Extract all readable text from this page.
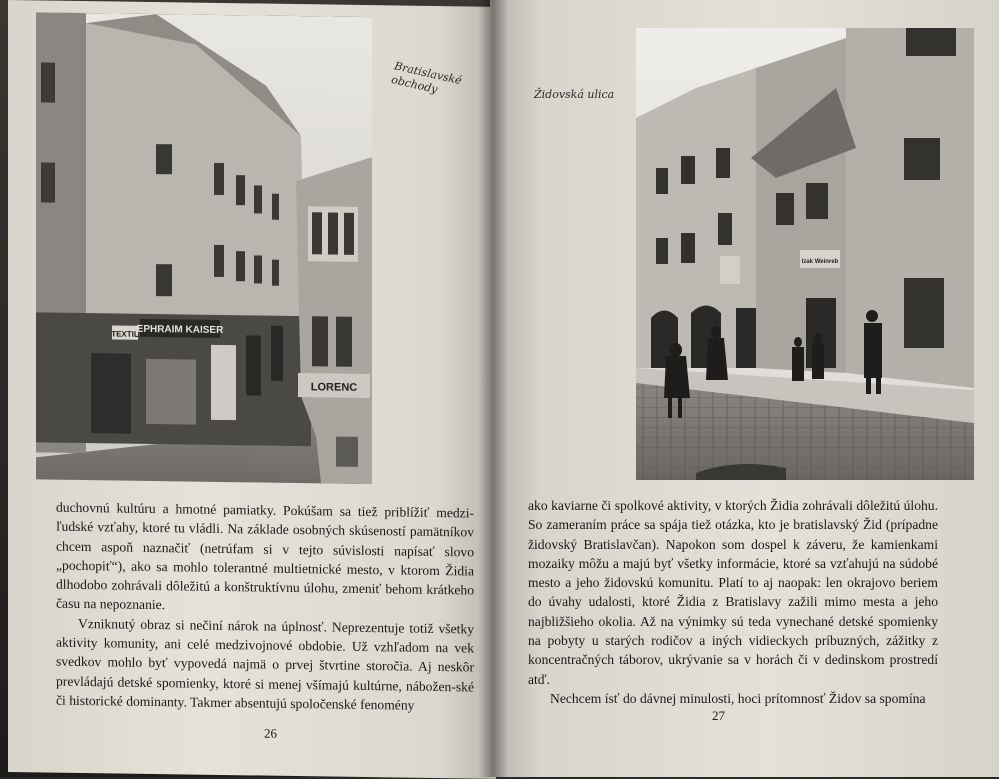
TEXTIL
EPHRAIM KAISER
LORENC
Bratislavské obchody

duchovnú kultúru a hmotné pamiatky. Pokúšam sa tiež priblížiť medzi-ľudské vzťahy, ktoré tu vládli. Na základe osobných skúseností pamätníkov chcem aspoň naznačiť (netrúfam si v tejto súvislosti napísať slovo „pochopiť“), ako sa mohlo tolerantné multietnické mesto, v ktorom Židia dlhodobo zohrávali dôležitú a konštruktívnu úlohu, zmeniť behom krátkeho času na nepoznanie.

Vzniknutý obraz si nečiní nárok na úplnosť. Neprezentuje totiž všetky aktivity komunity, ani celé medzivojnové obdobie. Už vzhľadom na vek svedkov mohlo byť vypovedá najmä o prvej štvrtine storočia. Aj neskôr prevládajú detské spomienky, ktoré si menej všímajú kultúrne, nábožen-ské či historické dominanty. Takmer absentujú spoločenské fenomény

26
Izak Weinreb
Židovská ulica

ako kaviarne či spolkové aktivity, v ktorých Židia zohrávali dôležitú úlohu. So zameraním práce sa spája tiež otázka, kto je bratislavský Žid (prípadne židovský Bratislavčan). Napokon som dospel k záveru, že kamienkami mozaiky môžu a majú byť všetky informácie, ktoré sa vzťahujú na súdobé mesto a jeho židovskú komunitu. Platí to aj naopak: len okrajovo beriem do úvahy udalosti, ktoré Židia z Bratislavy zažili mimo mesta a jeho najbližšieho okolia. Až na výnimky sú teda vynechané detské spomienky na pobyty u starých rodičov a iných vidieckych príbuzných, zážitky z koncentračných táborov, ukrývanie sa v horách či v dedinskom prostredí atď.

Nechcem ísť do dávnej minulosti, hoci prítomnosť Židov sa spomína

27
